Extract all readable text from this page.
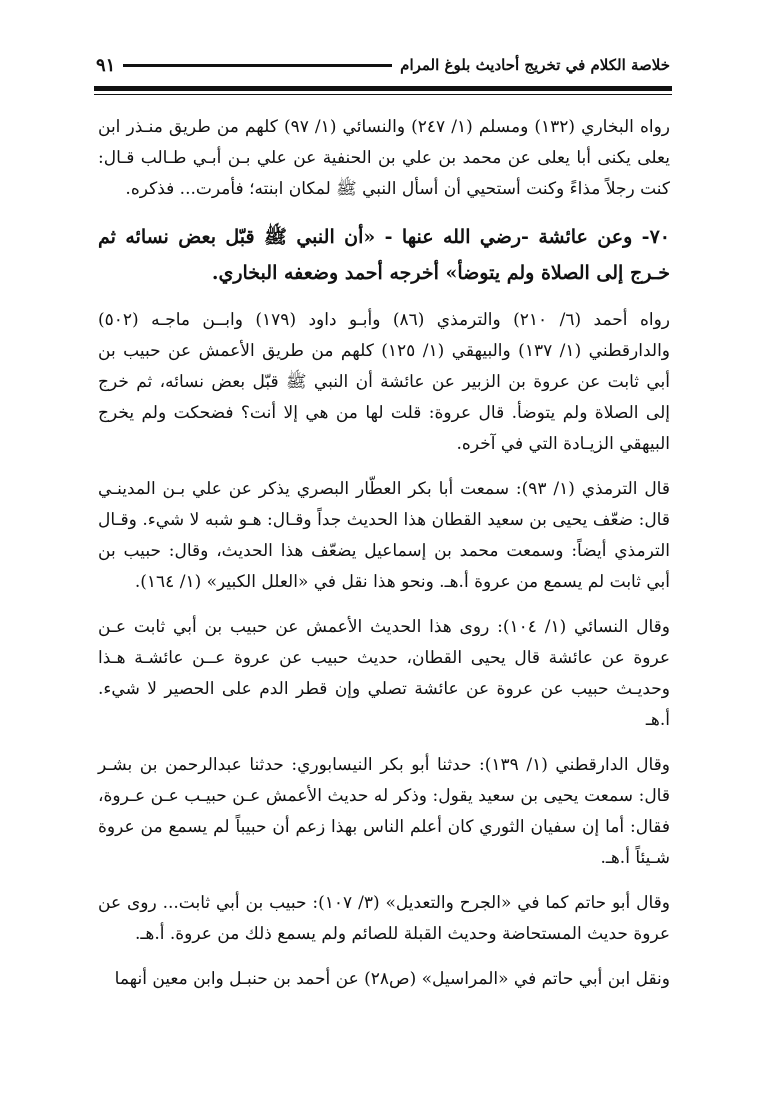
خلاصة الكلام في تخريج أحاديث بلوغ المرام
٩١

رواه البخاري (١٣٢) ومسلم (١/ ٢٤٧) والنسائي (١/ ٩٧) كلهم من طريق منـذر ابن يعلى يكنى أبا يعلى عن محمد بن علي بن الحنفية عن علي بـن أبـي طـالب قـال: كنت رجلاً مذاءً وكنت أستحيي أن أسأل النبي ﷺ لمكان ابنته؛ فأمرت... فذكره.

٧٠- وعن عائشة -رضي الله عنها - «أن النبي ﷺ قبّل بعض نسائه ثم خـرج إلى الصلاة ولم يتوضأ» أخرجه أحمد وضعفه البخاري.

رواه أحمد (٦/ ٢١٠) والترمذي (٨٦) وأبـو داود (١٧٩) وابــن ماجـه (٥٠٢) والدارقطني (١/ ١٣٧) والبيهقي (١/ ١٢٥) كلهم من طريق الأعمش عن حبيب بن أبي ثابت عن عروة بن الزبير عن عائشة أن النبي ﷺ قبّل بعض نسائه، ثم خرج إلى الصلاة ولم يتوضأ. قال عروة: قلت لها من هي إلا أنت؟ فضحكت ولم يخرج البيهقي الزيـادة التي في آخره.

قال الترمذي (١/ ٩٣): سمعت أبا بكر العطّار البصري يذكر عن علي بـن المدينـي قال: ضعّف يحيى بن سعيد القطان هذا الحديث جداً وقـال: هـو شبه لا شيء. وقـال الترمذي أيضاً: وسمعت محمد بن إسماعيل يضعّف هذا الحديث، وقال: حبيب بن أبي ثابت لم يسمع من عروة أ.هـ. ونحو هذا نقل في «العلل الكبير» (١/ ١٦٤).

وقال النسائي (١/ ١٠٤): روى هذا الحديث الأعمش عن حبيب بن أبي ثابت عـن عروة عن عائشة قال يحيى القطان، حديث حبيب عن عروة عــن عائشـة هـذا وحديـث حبيب عن عروة عن عائشة تصلي وإن قطر الدم على الحصير لا شيء. أ.هـ

وقال الدارقطني (١/ ١٣٩): حدثنا أبو بكر النيسابوري: حدثنا عبدالرحمن بن بشـر قال: سمعت يحيى بن سعيد يقول: وذكر له حديث الأعمش عـن حبيـب عـن عـروة، فقال: أما إن سفيان الثوري كان أعلم الناس بهذا زعم أن حبيباً لم يسمع من عروة شـيئاً أ.هـ.

وقال أبو حاتم كما في «الجرح والتعديل» (٣/ ١٠٧): حبيب بن أبي ثابت... روى عن عروة حديث المستحاضة وحديث القبلة للصائم ولم يسمع ذلك من عروة. أ.هـ.

ونقل ابن أبي حاتم في «المراسيل» (ص٢٨) عن أحمد بن حنبـل وابن معين أنهما
